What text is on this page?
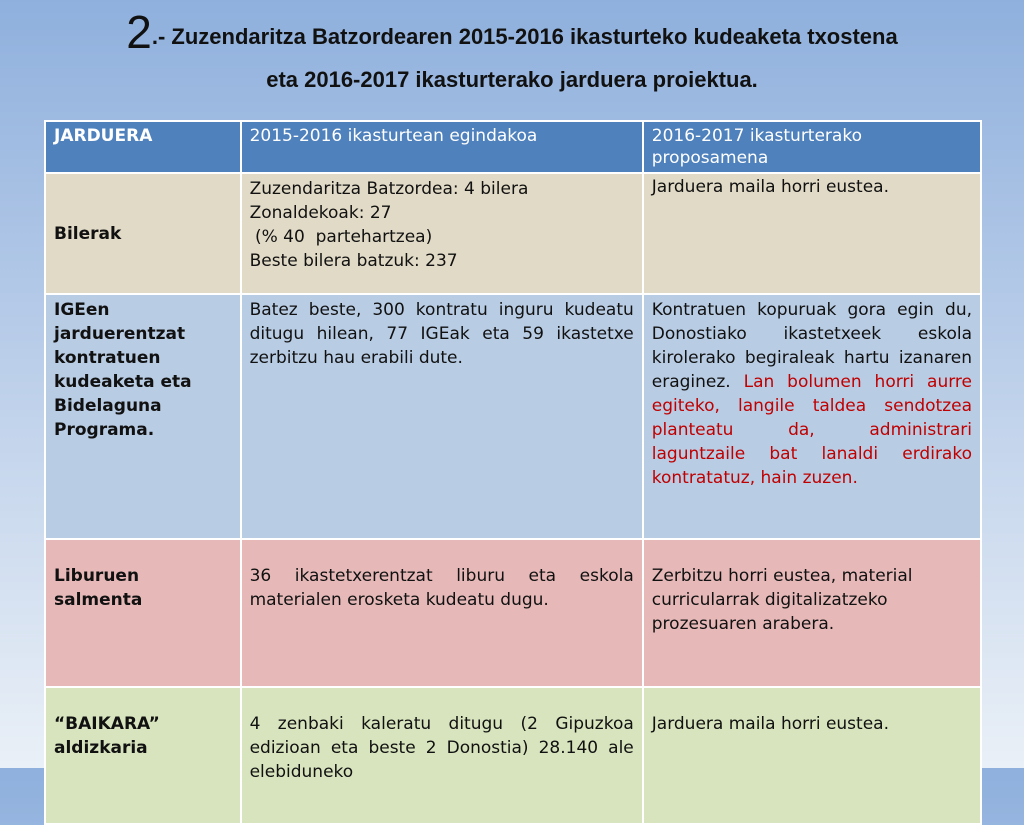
2.- Zuzendaritza Batzordearen 2015-2016 ikasturteko kudeaketa txostena
eta 2016-2017 ikasturterako jarduera proiektua.
JARDUERA	2015-2016 ikasturtean egindakoa	2016-2017 ikasturterako proposamena
Bilerak	Zuzendaritza Batzordea: 4 bilera
Zonaldekoak: 27
(% 40  partehartzea)
Beste bilera batzuk: 237	Jarduera maila horri eustea.
IGEen jarduerentzat kontratuen kudeaketa eta Bidelaguna Programa.	Batez beste, 300 kontratu inguru kudeatu ditugu hilean, 77 IGEak eta 59 ikastetxe zerbitzu hau erabili dute.	Kontratuen kopuruak gora egin du, Donostiako ikastetxeek eskola kirolerako begiraleak hartu izanaren eraginez. Lan bolumen horri aurre egiteko, langile taldea sendotzea planteatu da, administrari laguntzaile bat lanaldi erdirako kontratatuz, hain zuzen.
Liburuen salmenta	36 ikastetxerentzat liburu eta eskola materialen erosketa kudeatu dugu.	Zerbitzu horri eustea, material curricularrak digitalizatzeko prozesuaren arabera.
“BAIKARA” aldizkaria	4 zenbaki kaleratu ditugu (2 Gipuzkoa edizioan eta beste 2 Donostia) 28.140 ale elebiduneko	Jarduera maila horri eustea.
